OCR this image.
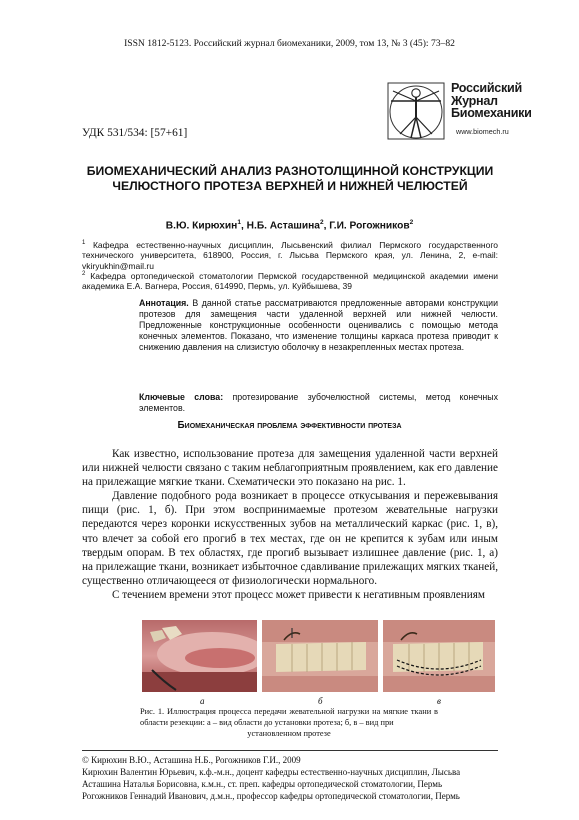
ISSN 1812-5123. Российский журнал биомеханики, 2009, том 13, № 3 (45): 73–82
Российский
Журнал
Биомеханики
www.biomech.ru
УДК 531/534: [57+61]
БИОМЕХАНИЧЕСКИЙ АНАЛИЗ РАЗНОТОЛЩИННОЙ КОНСТРУКЦИИ
ЧЕЛЮСТНОГО ПРОТЕЗА ВЕРХНЕЙ И НИЖНЕЙ ЧЕЛЮСТЕЙ
В.Ю. Кирюхин$^1$, Н.Б. Асташина$^2$, Г.И. Рогожников$^2$
$^1$ Кафедра естественно-научных дисциплин, Лысьвенский филиал Пермского государственного технического университета, 618900, Россия, г. Лысьва Пермского края, ул. Ленина, 2, e-mail: vkiryukhin@mail.ru
$^2$ Кафедра ортопедической стоматологии Пермской государственной медицинской академии имени академика Е.А. Вагнера, Россия, 614990, Пермь, ул. Куйбышева, 39
Аннотация. В данной статье рассматриваются предложенные авторами конструкции протезов для замещения части удаленной верхней или нижней челюсти. Предложенные конструкционные особенности оценивались с помощью метода конечных элементов. Показано, что изменение толщины каркаса протеза приводит к снижению давления на слизистую оболочку в незакрепленных местах протеза.
Ключевые слова: протезирование зубочелюстной системы, метод конечных элементов.
Биомеханическая проблема эффективности протеза

Как известно, использование протеза для замещения удаленной части верхней или нижней челюсти связано с таким неблагоприятным проявлением, как его давление на прилежащие мягкие ткани. Схематически это показано на рис. 1.

Давление подобного рода возникает в процессе откусывания и пережевывания пищи (рис. 1, б). При этом воспринимаемые протезом жевательные нагрузки передаются через коронки искусственных зубов на металлический каркас (рис. 1, в), что влечет за собой его прогиб в тех местах, где он не крепится к зубам или иным твердым опорам. В тех областях, где прогиб вызывает излишнее давление (рис. 1, а) на прилежащие ткани, возникает избыточное сдавливание прилежащих мягких тканей, существенно отличающееся от физиологически нормального.

С течением времени этот процесс может привести к негативным проявлениям

а	б	в
Рис. 1. Иллюстрация процесса передачи жевательной нагрузки на мягкие ткани в области резекции: а – вид области до установки протеза; б, в – вид при
установленном протезе
© Кирюхин В.Ю., Асташина Н.Б., Рогожников Г.И., 2009
Кирюхин Валентин Юрьевич, к.ф.-м.н., доцент кафедры естественно-научных дисциплин, Лысьва
Асташина Наталья Борисовна, к.м.н., ст. преп. кафедры ортопедической стоматологии, Пермь
Рогожников Геннадий Иванович, д.м.н., профессор кафедры ортопедической стоматологии, Пермь
